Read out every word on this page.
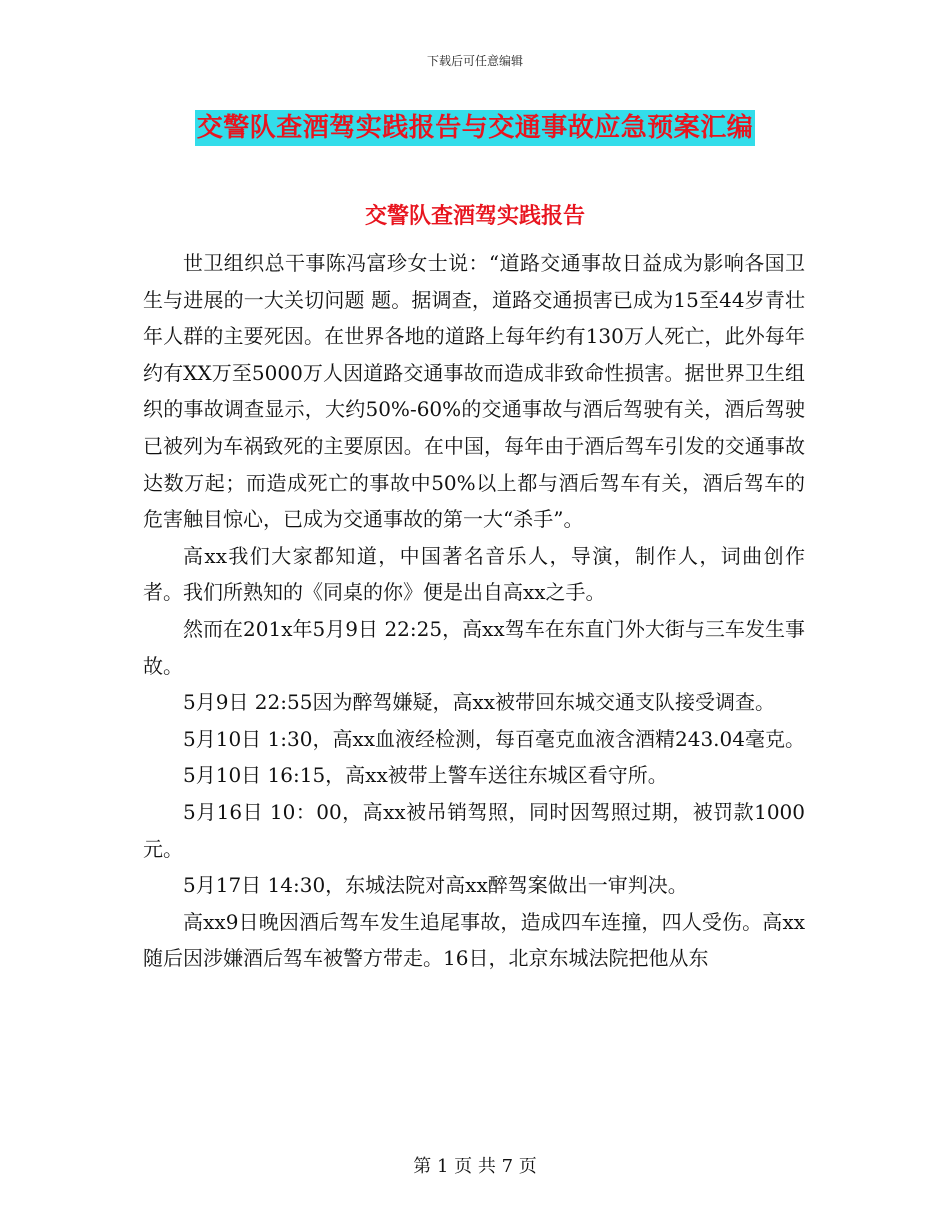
下载后可任意编辑
交警队查酒驾实践报告与交通事故应急预案汇编
交警队查酒驾实践报告

世卫组织总干事陈冯富珍女士说：“道路交通事故日益成为影响各国卫生与进展的一大关切问题 题。据调查，道路交通损害已成为15至44岁青壮年人群的主要死因。在世界各地的道路上每年约有130万人死亡，此外每年约有XX万至5000万人因道路交通事故而造成非致命性损害。据世界卫生组织的事故调查显示，大约50%-60%的交通事故与酒后驾驶有关，酒后驾驶已被列为车祸致死的主要原因。在中国，每年由于酒后驾车引发的交通事故达数万起；而造成死亡的事故中50%以上都与酒后驾车有关，酒后驾车的危害触目惊心，已成为交通事故的第一大“杀手”。

高xx我们大家都知道，中国著名音乐人，导演，制作人，词曲创作者。我们所熟知的《同桌的你》便是出自高xx之手。

然而在201x年5月9日 22:25，高xx驾车在东直门外大街与三车发生事故。

5月9日 22:55因为醉驾嫌疑，高xx被带回东城交通支队接受调查。

5月10日 1:30，高xx血液经检测，每百毫克血液含酒精243.04毫克。

5月10日 16:15，高xx被带上警车送往东城区看守所。

5月16日 10：00，高xx被吊销驾照，同时因驾照过期，被罚款1000元。

5月17日 14:30，东城法院对高xx醉驾案做出一审判决。

高xx9日晚因酒后驾车发生追尾事故，造成四车连撞，四人受伤。高xx随后因涉嫌酒后驾车被警方带走。16日，北京东城法院把他从东

第 1 页 共 7 页
